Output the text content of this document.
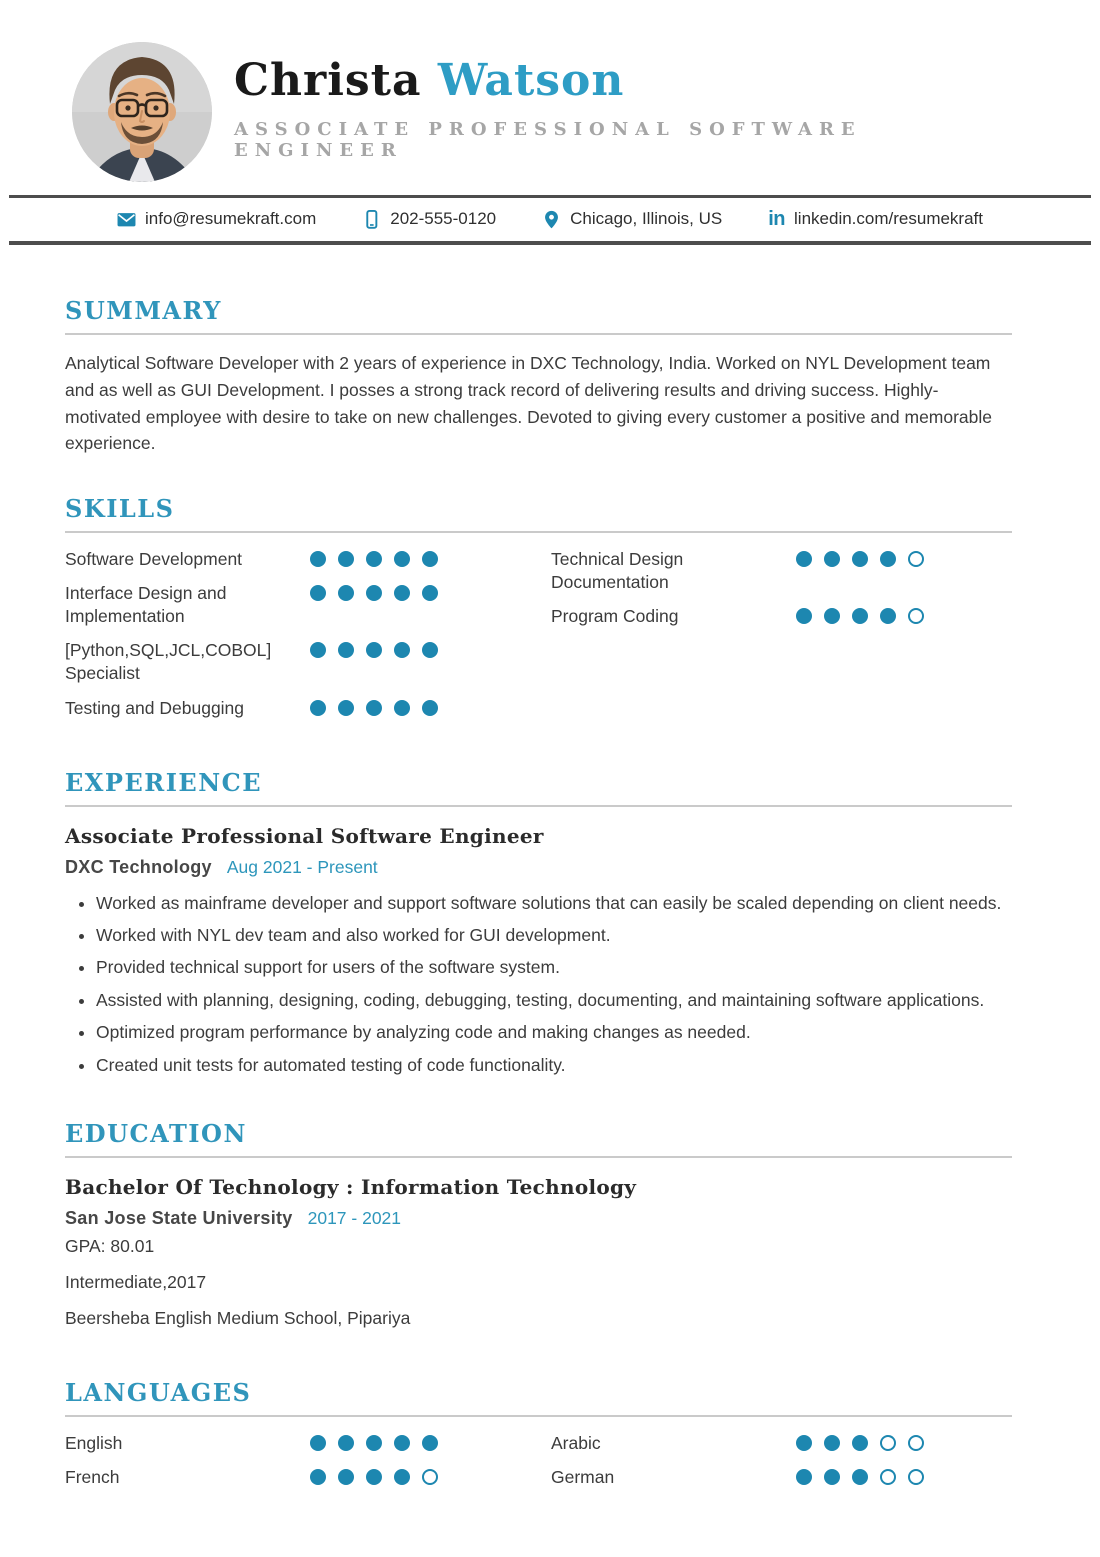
Christa Watson
ASSOCIATE PROFESSIONAL SOFTWARE ENGINEER
info@resumekraft.com	202-555-0120	Chicago, Illinois, US in linkedin.com/resumekraft
SUMMARY

Analytical Software Developer with 2 years of experience in DXC Technology, India. Worked on NYL Development team and as well as GUI Development. I posses a strong track record of delivering results and driving success. Highly-motivated employee with desire to take on new challenges. Devoted to giving every customer a positive and memorable experience.

SKILLS
Software Development
Interface Design and Implementation
[Python,SQL,JCL,COBOL] Specialist
Testing and Debugging
Technical Design Documentation
Program Coding
EXPERIENCE
Associate Professional Software Engineer
DXC Technology Aug 2021 - Present
• Worked as mainframe developer and support software solutions that can easily be scaled depending on client needs.
• Worked with NYL dev team and also worked for GUI development.
• Provided technical support for users of the software system.
• Assisted with planning, designing, coding, debugging, testing, documenting, and maintaining software applications.
• Optimized program performance by analyzing code and making changes as needed.
• Created unit tests for automated testing of code functionality.
EDUCATION
Bachelor Of Technology : Information Technology
San Jose State University 2017 - 2021
GPA: 80.01
Intermediate,2017
Beersheba English Medium School, Pipariya
LANGUAGES
English
French
Arabic
German
